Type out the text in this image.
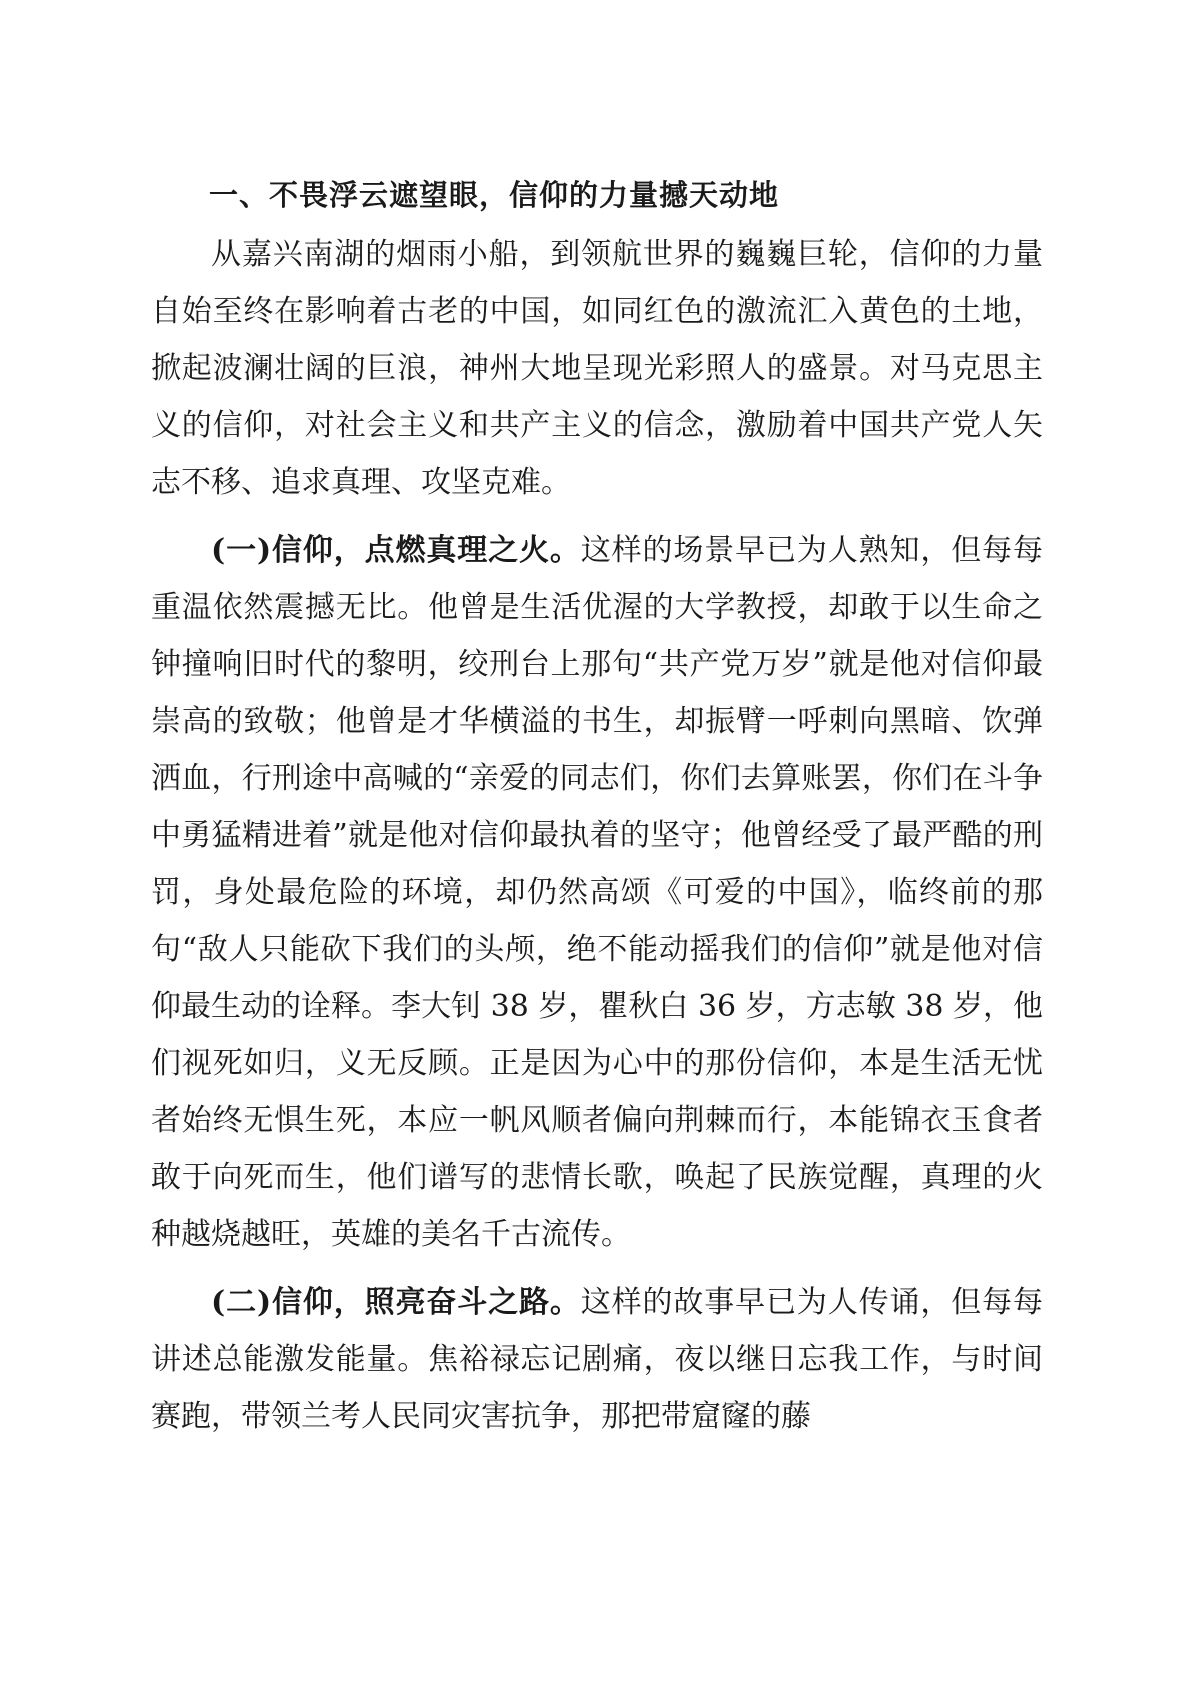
一、不畏浮云遮望眼，信仰的力量撼天动地

从嘉兴南湖的烟雨小船，到领航世界的巍巍巨轮，信仰的力量自始至终在影响着古老的中国，如同红色的激流汇入黄色的土地，掀起波澜壮阔的巨浪，神州大地呈现光彩照人的盛景。对马克思主义的信仰，对社会主义和共产主义的信念，激励着中国共产党人矢志不移、追求真理、攻坚克难。

(一)信仰，点燃真理之火。这样的场景早已为人熟知，但每每重温依然震撼无比。他曾是生活优渥的大学教授，却敢于以生命之钟撞响旧时代的黎明，绞刑台上那句“共产党万岁”就是他对信仰最崇高的致敬；他曾是才华横溢的书生，却振臂一呼刺向黑暗、饮弹洒血，行刑途中高喊的“亲爱的同志们，你们去算账罢，你们在斗争中勇猛精进着”就是他对信仰最执着的坚守；他曾经受了最严酷的刑罚，身处最危险的环境，却仍然高颂《可爱的中国》，临终前的那句“敌人只能砍下我们的头颅，绝不能动摇我们的信仰”就是他对信仰最生动的诠释。李大钊 38 岁，瞿秋白 36 岁，方志敏 38 岁，他们视死如归，义无反顾。正是因为心中的那份信仰，本是生活无忧者始终无惧生死，本应一帆风顺者偏向荆棘而行，本能锦衣玉食者敢于向死而生，他们谱写的悲情长歌，唤起了民族觉醒，真理的火种越烧越旺，英雄的美名千古流传。

(二)信仰，照亮奋斗之路。这样的故事早已为人传诵，但每每讲述总能激发能量。焦裕禄忘记剧痛，夜以继日忘我工作，与时间赛跑，带领兰考人民同灾害抗争，那把带窟窿的藤
